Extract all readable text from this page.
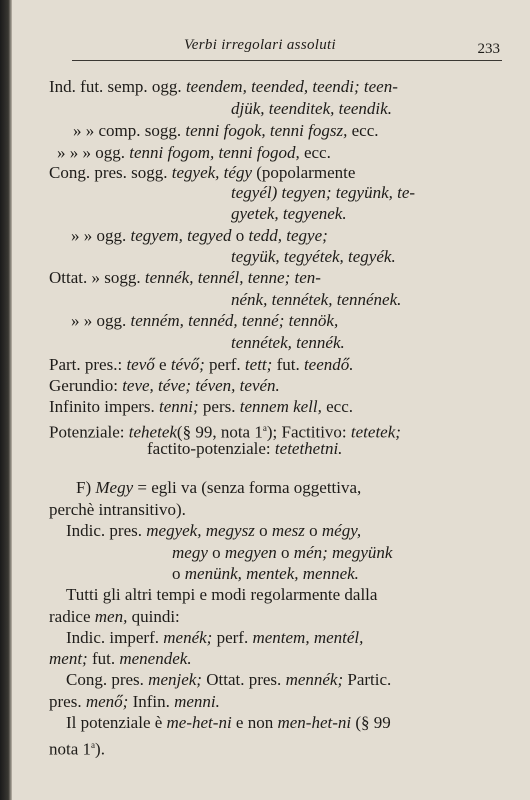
Verbi irregolari assoluti	233
Ind. fut. semp. ogg. teendem, teended, teendi; teen-
djük, teenditek, teendik.
» » comp. sogg. tenni fogok, tenni fogsz, ecc.
» » » ogg. tenni fogom, tenni fogod, ecc.
Cong. pres. sogg. tegyek, tégy (popolarmente
tegyél) tegyen; tegyünk, te-
gyetek, tegyenek.
» » ogg. tegyem, tegyed o tedd, tegye;
tegyük, tegyétek, tegyék.
Ottat. » sogg. tennék, tennél, tenne; ten-
nénk, tennétek, tennének.
» » ogg. tenném, tennéd, tenné; tennök,
tennétek, tennék.
Part. pres.: tevő e tévő; perf. tett; fut. teendő.
Gerundio: teve, téve; téven, tevén.
Infinito impers. tenni; pers. tennem kell, ecc.
Potenziale: tehetek(§ 99, nota 1$^a$); Factitivo: tetetek;
factito-potenziale: tetethetni.
F) Megy = egli va (senza forma oggettiva,
perchè intransitivo).
Indic. pres. megyek, megysz o mesz o mégy,
megy o megyen o mén; megyünk
o menünk, mentek, mennek.
Tutti gli altri tempi e modi regolarmente dalla
radice men, quindi:
Indic. imperf. menék; perf. mentem, mentél,
ment; fut. menendek.
Cong. pres. menjek; Ottat. pres. mennék; Partic.
pres. menő; Infin. menni.
Il potenziale è me-het-ni e non men-het-ni (§ 99
nota 1$^a$).
